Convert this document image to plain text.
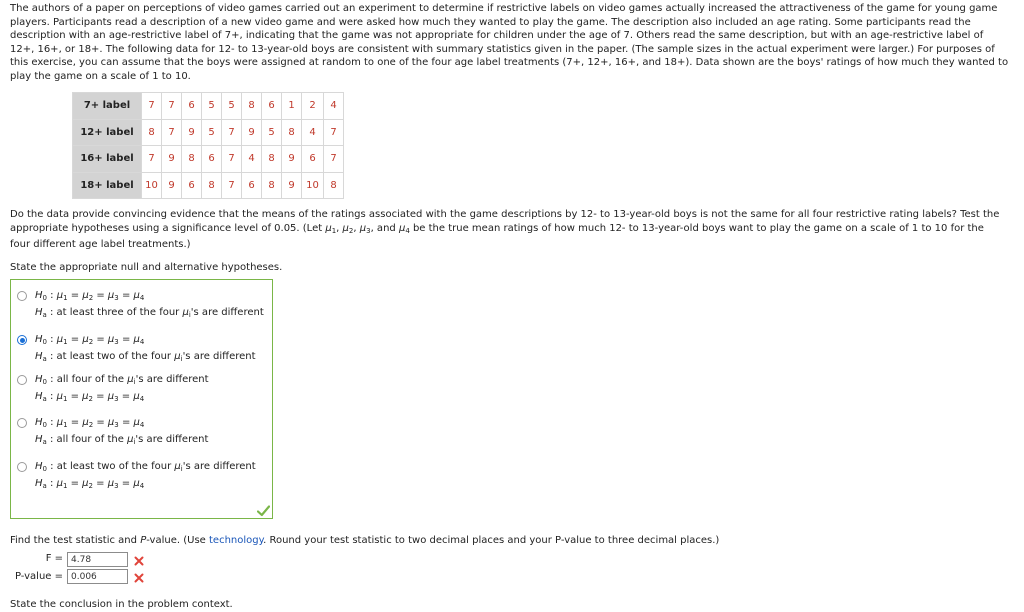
The authors of a paper on perceptions of video games carried out an experiment to determine if restrictive labels on video games actually increased the attractiveness of the game for young game players. Participants read a description of a new video game and were asked how much they wanted to play the game. The description also included an age rating. Some participants read the description with an age-restrictive label of 7+, indicating that the game was not appropriate for children under the age of 7. Others read the same description, but with an age-restrictive label of 12+, 16+, or 18+. The following data for 12- to 13-year-old boys are consistent with summary statistics given in the paper. (The sample sizes in the actual experiment were larger.) For purposes of this exercise, you can assume that the boys were assigned at random to one of the four age label treatments (7+, 12+, 16+, and 18+). Data shown are the boys' ratings of how much they wanted to play the game on a scale of 1 to 10.
7+ label	7	7	6	5	5	8	6	1	2	4
12+ label	8	7	9	5	7	9	5	8	4	7
16+ label	7	9	8	6	7	4	8	9	6	7
18+ label	10	9	6	8	7	6	8	9	10	8
Do the data provide convincing evidence that the means of the ratings associated with the game descriptions by 12- to 13-year-old boys is not the same for all four restrictive rating labels? Test the appropriate hypotheses using a significance level of 0.05. (Let $\mu_1$, $\mu_2$, $\mu_3$, and $\mu_4$ be the true mean ratings of how much 12- to 13-year-old boys want to play the game on a scale of 1 to 10 for the four different age label treatments.)
State the appropriate null and alternative hypotheses.
$H_0$ : $\mu_1 = \mu_2 = \mu_3 = \mu_4$
$H_a$ : at least three of the four $\mu_i's$ are different
$H_0$ : $\mu_1 = \mu_2 = \mu_3 = \mu_4$
$H_a$ : at least two of the four $\mu_i's$ are different
$H_0$ : all four of the $\mu_i's$ are different
$H_a$ : $\mu_1 = \mu_2 = \mu_3 = \mu_4$
$H_0$ : $\mu_1 = \mu_2 = \mu_3 = \mu_4$
$H_a$ : all four of the $\mu_i's$ are different
$H_0$ : at least two of the four $\mu_i's$ are different
$H_a$ : $\mu_1 = \mu_2 = \mu_3 = \mu_4$
Find the test statistic and P-value. (Use technology. Round your test statistic to two decimal places and your P-value to three decimal places.)
F =
4.78
P-value =
0.006
State the conclusion in the problem context.
